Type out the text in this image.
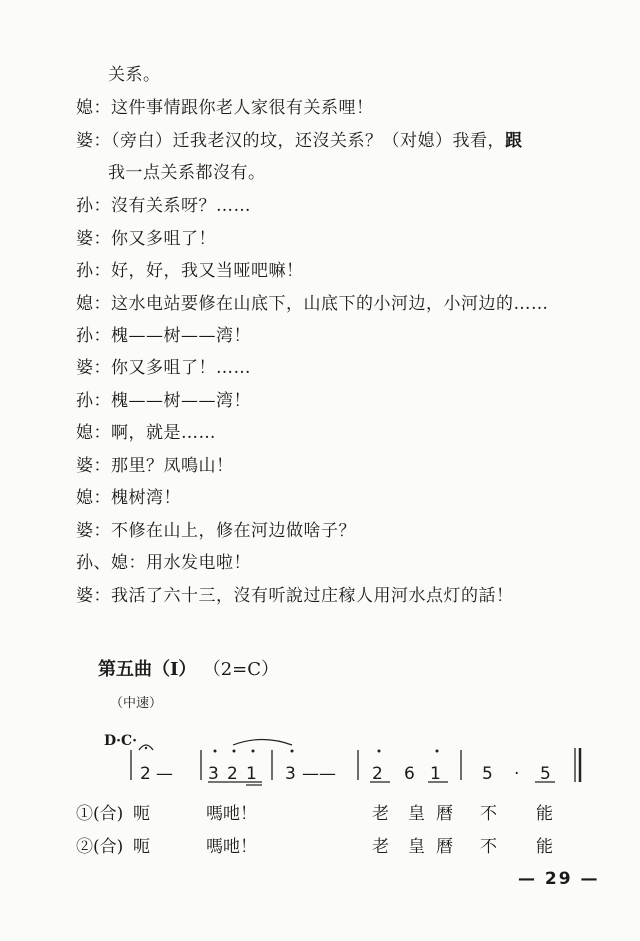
关系。
媳：这件事情跟你老人家很有关系哩！
婆：（旁白）迁我老汉的坟，还沒关系？（对媳）我看，跟
我一点关系都沒有。
孙：沒有关系呀？……
婆：你又多咀了！
孙：好，好，我又当哑吧嘛！
媳：这水电站要修在山底下，山底下的小河边，小河边的……
孙：槐——树——湾！
婆：你又多咀了！……
孙：槐——树——湾！
媳：啊，就是……
婆：那里？凤鳴山！
媳：槐树湾！
婆：不修在山上，修在河边做啥子？
孙、媳：用水发电啦！
婆：我活了六十三，沒有听說过庄稼人用河水点灯的話！
第五曲（Ⅰ） （2=C）
（中速）
D·C·
2 — 3 2 1 3 —— 2 6 1 5 · 5
①(合) 呃	嗎吔！	老 皇 曆 不 能
②(合) 呃	嗎吔！	老 皇 曆 不 能
— 29 —
